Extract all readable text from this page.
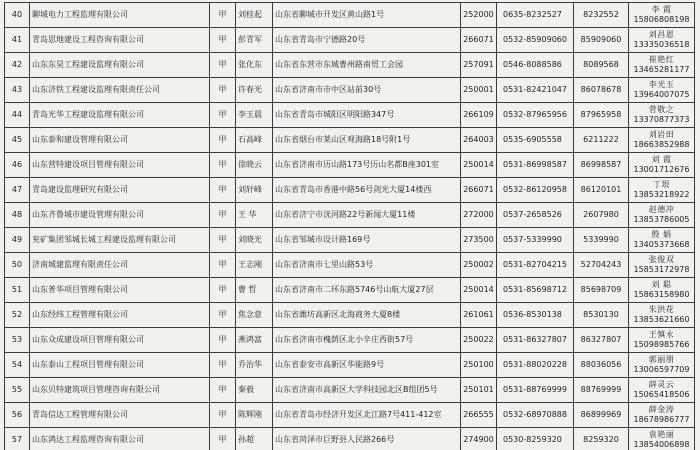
40	聊城电力工程监理有限公司	甲	刘桂起	山东省聊城市开发区黄山路1号	252000	0635-8232527	8232552	李 霞
15806808198

41	青岛思地建设工程咨询有限公司	甲	彭青军	山东省青岛市宁德路20号	266071	0532-85909060	85909060	刘昌恩
13335036518

42	山东东昊工程建设监理有限公司	甲	张化东	山东省东营市东城曹州路南贸工会园	257091	0546-8088586	8089568	崔艳红
13465281177

43	山东济铁工程建设监理有限责任公司	甲	许春光	山东省济南市市中区站前30号	250001	0531-82421047	86078678	李光玉
13964007075

44	青岛光华工程建设监理有限公司	甲	李玉晨	山东省青岛市城阳区明阳路347号	266109	0532-87965956	87965958	菅敬之
13370877373

45	山东泰和建设管理有限公司	甲	石高峰	山东省烟台市莱山区观海路18号附1号	264003	0535-6905558	6211222	刘岩田
18663852988

46	山东营特建设项目管理有限公司	甲	徐晓云	山东省济南市历山路173号历山名都B座301室	250014	0531-86998587	86998587	刘 霞
13001712676

47	青岛建设监理研究有限公司	甲	刘轩峰	山东省青岛市香港中路56号剑光大厦14楼西	266071	0532-86120958	86120101	丁垠
13853218922

48	山东齐鲁城市建设管理有限公司	甲	王 华	山东省济宁市洸河路22号新闻大厦11楼	272000	0537-2658526	2607980	赵德冲
13853786005

49	兖矿集团邹城长城工程建设监理有限公司	甲	刘晓光	山东省邹城市设计路169号	273500	0537-5339990	5339990	殷 娟
13405373668

50	济南城建监理有限责任公司	甲	王志刚	山东省济南市七里山路53号	250002	0531-82704215	52704243	张俊双
15853172978

51	山东普华项目管理有限公司	甲	曹 哲	山东省济南市二环东路5746号山航大厦27层	250014	0531-85698712	85698709	刘 聪
15863158980

52	山东经纬工程管理有限公司	甲	焦念意	山东省潍坊高新区北海商务大厦8楼	261061	0536-8530138	8530130	朱洪花
13853621660

53	山东众成建设项目管理有限公司	甲	燕鸿富	山东省济南市槐荫区北小辛庄西街57号	250022	0531-86327807	86327807	王慎永
15098985766

54	山东泰山工程项目管理有限公司	甲	乔治华	山东省泰安市高新区华能路9号	250100	0531-88020228	88036056	郭丽朋
13006597709

55	山东贝特建筑项目管理咨询有限公司	甲	秦毅	山东省济南市高新区大学科技园北区B组团5号	250101	0531-88769999	88769999	薛灵云
15065418506

56	青岛信达工程管理有限公司	甲	陈辉刚	山东省青岛市经济开发区北江路7号411-412室	266555	0532-68970888	86899969	薛金涛
18678986777

57	山东鸿达工程监理咨询有限公司	甲	孙超	山东省菏泽市巨野县人民路266号	274900	0530-8259320	8259320	袁艳丽
13854006898
